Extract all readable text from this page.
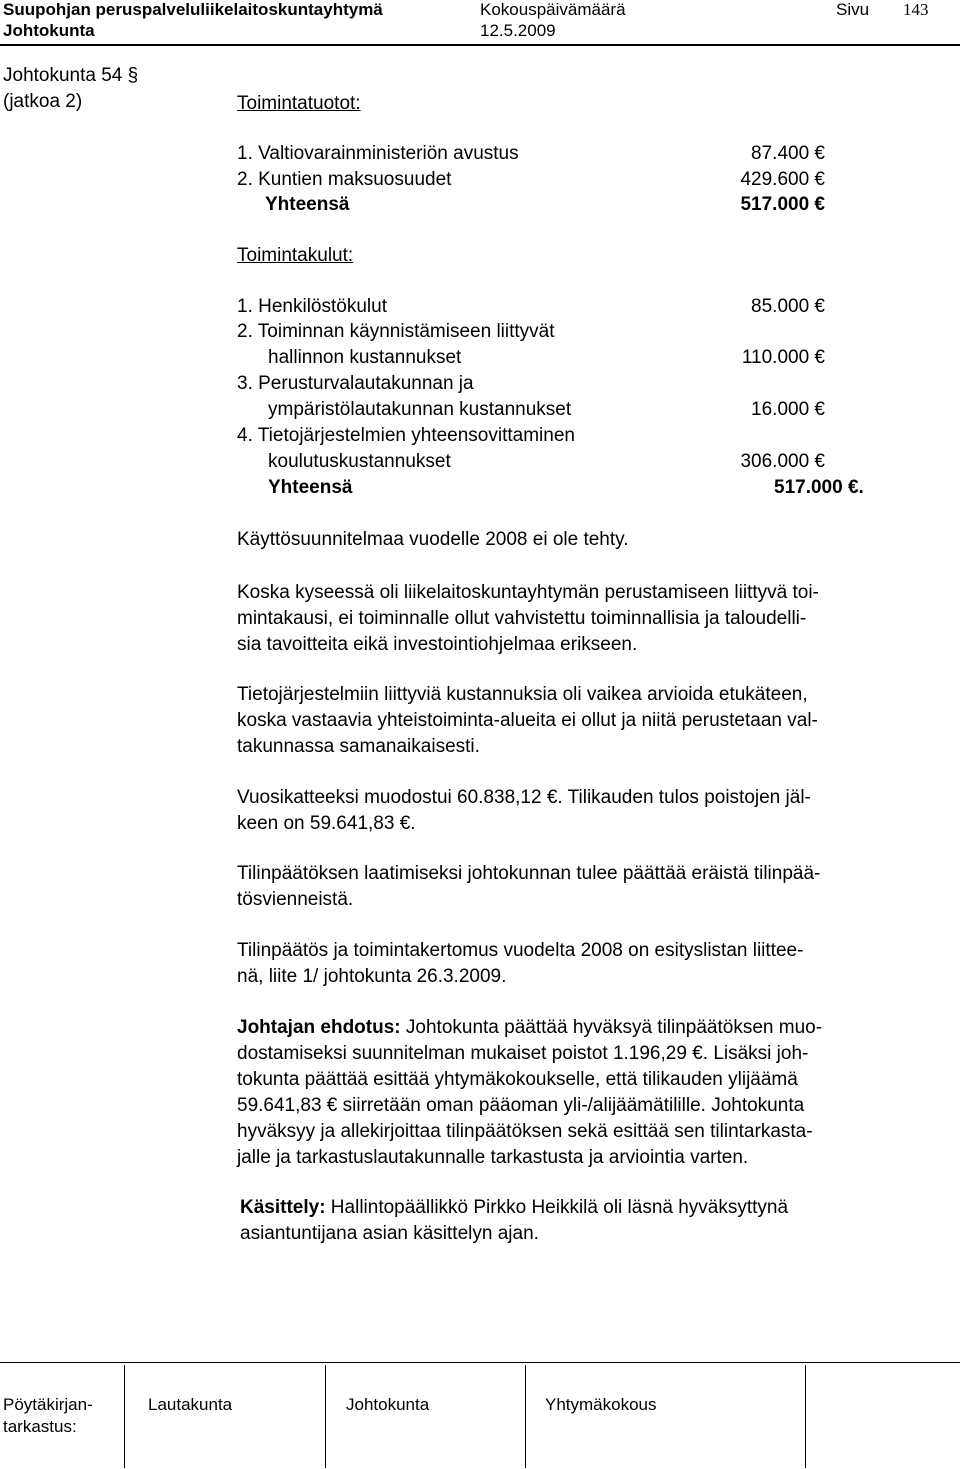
Suupohjan peruspalveluliikelaitoskuntayhtymä	Kokouspäivämäärä	Sivu 143
Johtokunta	12.5.2009
Johtokunta 54 §
(jatkoa 2)	Toimintatuotot:
1. Valtiovarainministeriön avustus	87.400 €
2. Kuntien maksuosuudet	429.600 €
Yhteensä	517.000 €
Toimintakulut:
1. Henkilöstökulut	85.000 €
2. Toiminnan käynnistämiseen liittyvät
hallinnon kustannukset	110.000 €
3. Perusturvalautakunnan ja
ympäristölautakunnan kustannukset	16.000 €
4. Tietojärjestelmien yhteensovittaminen
koulutuskustannukset	306.000 €
Yhteensä	517.000 €.
Käyttösuunnitelmaa vuodelle 2008 ei ole tehty.
Koska kyseessä oli liikelaitoskuntayhtymän perustamiseen liittyvä toi-
mintakausi, ei toiminnalle ollut vahvistettu toiminnallisia ja taloudelli-
sia tavoitteita eikä investointiohjelmaa erikseen.
Tietojärjestelmiin liittyviä kustannuksia oli vaikea arvioida etukäteen,
koska vastaavia yhteistoiminta-alueita ei ollut ja niitä perustetaan val-
takunnassa samanaikaisesti.
Vuosikatteeksi muodostui 60.838,12 €. Tilikauden tulos poistojen jäl-
keen on 59.641,83 €.
Tilinpäätöksen laatimiseksi johtokunnan tulee päättää eräistä tilinpää-
tösvienneistä.
Tilinpäätös ja toimintakertomus vuodelta 2008 on esityslistan liittee-
nä, liite 1/ johtokunta 26.3.2009.
Johtajan ehdotus: Johtokunta päättää hyväksyä tilinpäätöksen muo-
dostamiseksi suunnitelman mukaiset poistot 1.196,29 €. Lisäksi joh-
tokunta päättää esittää yhtymäkokoukselle, että tilikauden ylijäämä
59.641,83 € siirretään oman pääoman yli-/alijäämätilille. Johtokunta
hyväksyy ja allekirjoittaa tilinpäätöksen sekä esittää sen tilintarkasta-
jalle ja tarkastuslautakunnalle tarkastusta ja arviointia varten.
Käsittely: Hallintopäällikkö Pirkko Heikkilä oli läsnä hyväksyttynä
asiantuntijana asian käsittelyn ajan.
Pöytäkirjan-
tarkastus:
Lautakunta	Johtokunta	Yhtymäkokous
